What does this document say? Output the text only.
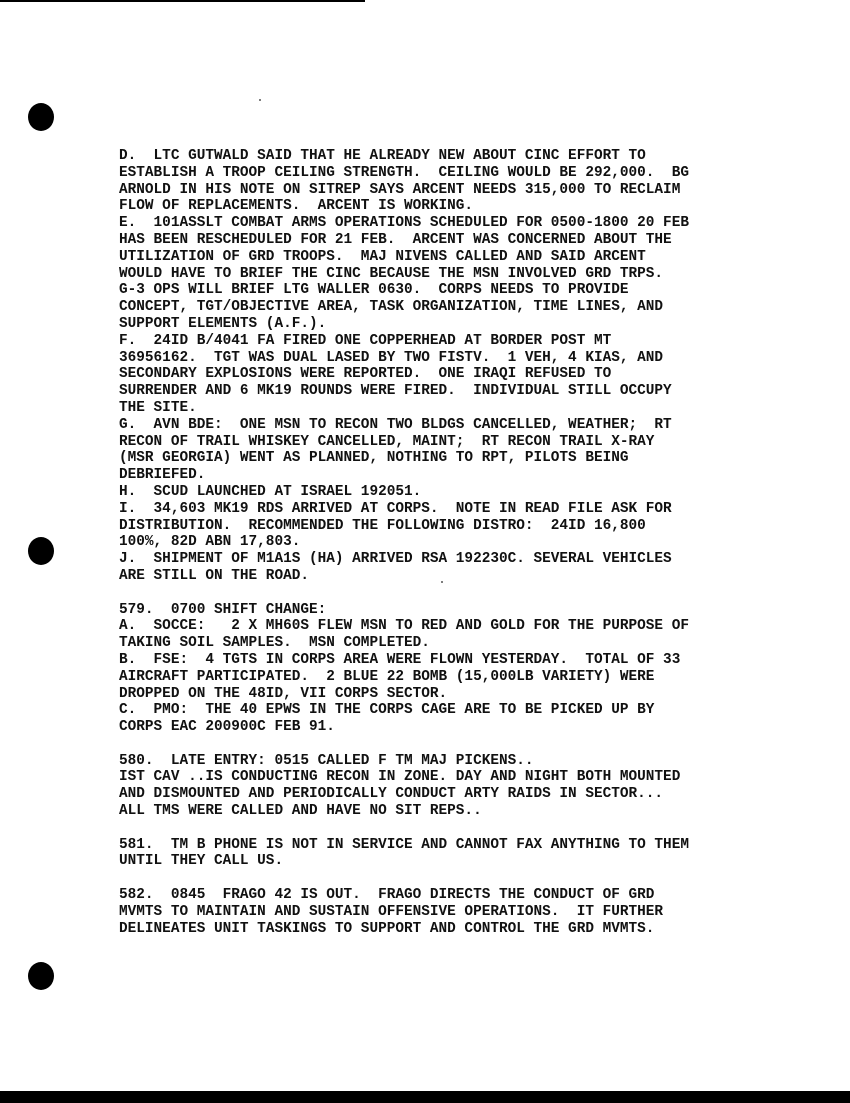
D.  LTC GUTWALD SAID THAT HE ALREADY NEW ABOUT CINC EFFORT TO
ESTABLISH A TROOP CEILING STRENGTH.  CEILING WOULD BE 292,000.  BG
ARNOLD IN HIS NOTE ON SITREP SAYS ARCENT NEEDS 315,000 TO RECLAIM
FLOW OF REPLACEMENTS.  ARCENT IS WORKING.
E.  101ASSLT COMBAT ARMS OPERATIONS SCHEDULED FOR 0500-1800 20 FEB
HAS BEEN RESCHEDULED FOR 21 FEB.  ARCENT WAS CONCERNED ABOUT THE
UTILIZATION OF GRD TROOPS.  MAJ NIVENS CALLED AND SAID ARCENT
WOULD HAVE TO BRIEF THE CINC BECAUSE THE MSN INVOLVED GRD TRPS.
G-3 OPS WILL BRIEF LTG WALLER 0630.  CORPS NEEDS TO PROVIDE
CONCEPT, TGT/OBJECTIVE AREA, TASK ORGANIZATION, TIME LINES, AND
SUPPORT ELEMENTS (A.F.).
F.  24ID B/4041 FA FIRED ONE COPPERHEAD AT BORDER POST MT
36956162.  TGT WAS DUAL LASED BY TWO FISTV.  1 VEH, 4 KIAS, AND
SECONDARY EXPLOSIONS WERE REPORTED.  ONE IRAQI REFUSED TO
SURRENDER AND 6 MK19 ROUNDS WERE FIRED.  INDIVIDUAL STILL OCCUPY
THE SITE.
G.  AVN BDE:  ONE MSN TO RECON TWO BLDGS CANCELLED, WEATHER;  RT
RECON OF TRAIL WHISKEY CANCELLED, MAINT;  RT RECON TRAIL X-RAY
(MSR GEORGIA) WENT AS PLANNED, NOTHING TO RPT, PILOTS BEING
DEBRIEFED.
H.  SCUD LAUNCHED AT ISRAEL 192051.
I.  34,603 MK19 RDS ARRIVED AT CORPS.  NOTE IN READ FILE ASK FOR
DISTRIBUTION.  RECOMMENDED THE FOLLOWING DISTRO:  24ID 16,800
100%, 82D ABN 17,803.
J.  SHIPMENT OF M1A1S (HA) ARRIVED RSA 192230C. SEVERAL VEHICLES
ARE STILL ON THE ROAD.
579.  0700 SHIFT CHANGE:
A.  SOCCE:   2 X MH60S FLEW MSN TO RED AND GOLD FOR THE PURPOSE OF
TAKING SOIL SAMPLES.  MSN COMPLETED.
B.  FSE:  4 TGTS IN CORPS AREA WERE FLOWN YESTERDAY.  TOTAL OF 33
AIRCRAFT PARTICIPATED.  2 BLUE 22 BOMB (15,000LB VARIETY) WERE
DROPPED ON THE 48ID, VII CORPS SECTOR.
C.  PMO:  THE 40 EPWS IN THE CORPS CAGE ARE TO BE PICKED UP BY
CORPS EAC 200900C FEB 91.
580.  LATE ENTRY: 0515 CALLED F TM MAJ PICKENS..
IST CAV ..IS CONDUCTING RECON IN ZONE. DAY AND NIGHT BOTH MOUNTED
AND DISMOUNTED AND PERIODICALLY CONDUCT ARTY RAIDS IN SECTOR...
ALL TMS WERE CALLED AND HAVE NO SIT REPS..
581.  TM B PHONE IS NOT IN SERVICE AND CANNOT FAX ANYTHING TO THEM
UNTIL THEY CALL US.
582.  0845  FRAGO 42 IS OUT.  FRAGO DIRECTS THE CONDUCT OF GRD
MVMTS TO MAINTAIN AND SUSTAIN OFFENSIVE OPERATIONS.  IT FURTHER
DELINEATES UNIT TASKINGS TO SUPPORT AND CONTROL THE GRD MVMTS.
